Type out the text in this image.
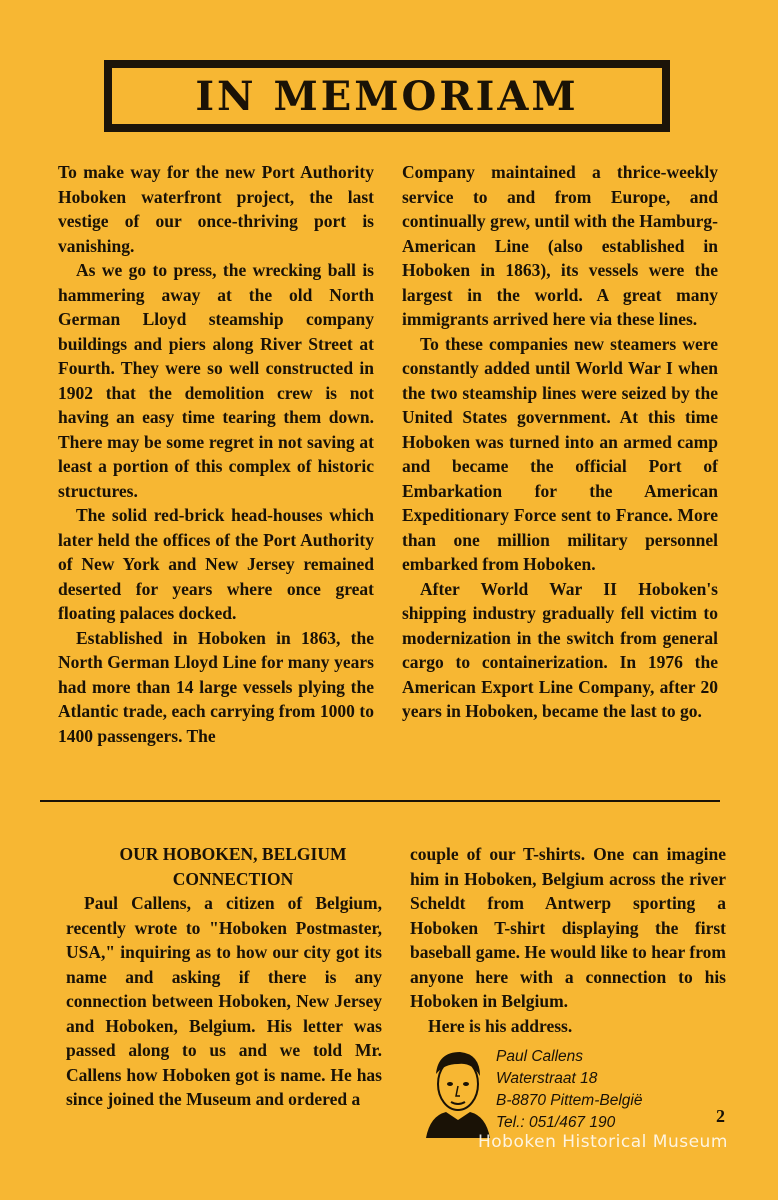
IN MEMORIAM

To make way for the new Port Authority Hoboken waterfront project, the last vestige of our once-thriving port is vanishing.

As we go to press, the wrecking ball is hammering away at the old North German Lloyd steamship company buildings and piers along River Street at Fourth. They were so well constructed in 1902 that the demolition crew is not having an easy time tearing them down. There may be some regret in not saving at least a portion of this complex of historic structures.

The solid red-brick head-houses which later held the offices of the Port Authority of New York and New Jersey remained deserted for years where once great floating palaces docked.

Established in Hoboken in 1863, the North German Lloyd Line for many years had more than 14 large vessels plying the Atlantic trade, each carrying from 1000 to 1400 passengers. The

Company maintained a thrice-weekly service to and from Europe, and continually grew, until with the Hamburg-American Line (also established in Hoboken in 1863), its vessels were the largest in the world. A great many immigrants arrived here via these lines.

To these companies new steamers were constantly added until World War I when the two steamship lines were seized by the United States government. At this time Hoboken was turned into an armed camp and became the official Port of Embarkation for the American Expeditionary Force sent to France. More than one million military personnel embarked from Hoboken.

After World War II Hoboken's shipping industry gradually fell victim to modernization in the switch from general cargo to containerization. In 1976 the American Export Line Company, after 20 years in Hoboken, became the last to go.

OUR HOBOKEN, BELGIUM

CONNECTION

Paul Callens, a citizen of Belgium, recently wrote to "Hoboken Postmaster, USA," inquiring as to how our city got its name and asking if there is any connection between Hoboken, New Jersey and Hoboken, Belgium. His letter was passed along to us and we told Mr. Callens how Hoboken got is name. He has since joined the Museum and ordered a

couple of our T-shirts. One can imagine him in Hoboken, Belgium across the river Scheldt from Antwerp sporting a Hoboken T-shirt displaying the first baseball game. He would like to hear from anyone here with a connection to his Hoboken in Belgium.

Here is his address.

Paul Callens
Waterstraat 18
B-8870 Pittem-België
Tel.: 051/467 190	2
Hoboken Historical Museum
